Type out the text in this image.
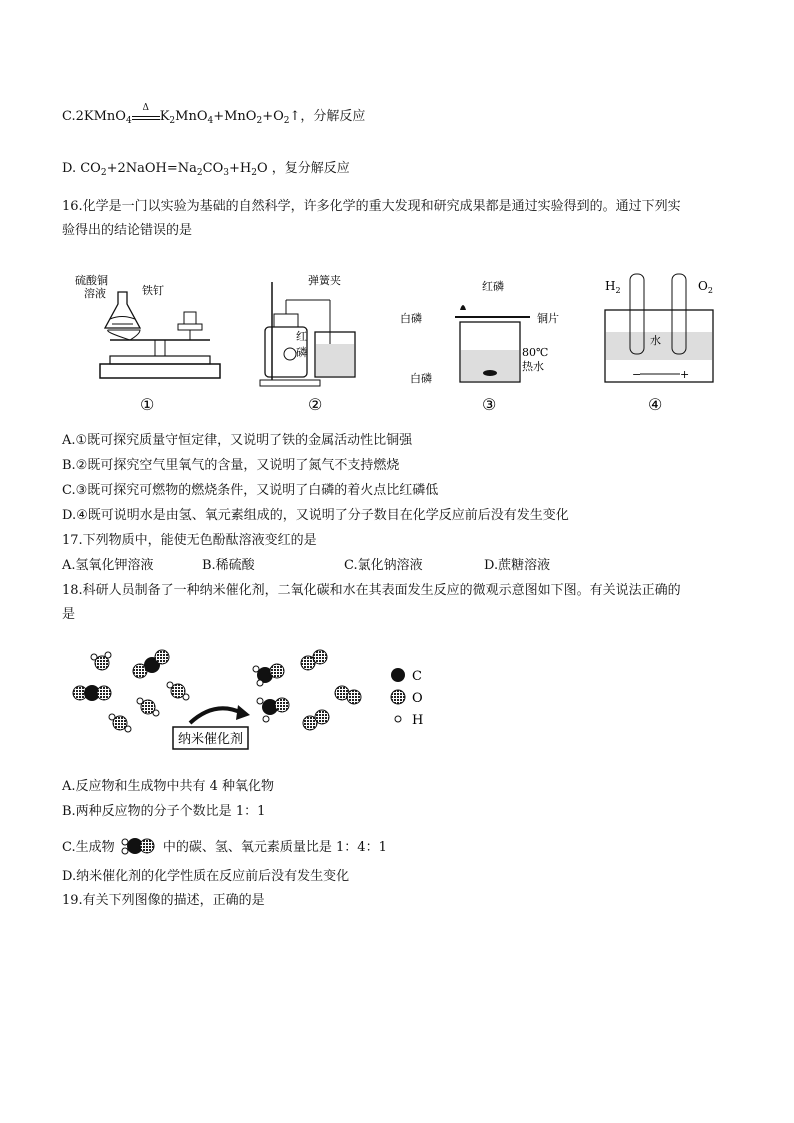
C.2KMnO$_4$
Δ
$K_2MnO_4+MnO_2+O_2↑$，分解反应
D. $CO_2+2NaOH=Na_2CO_3+H_2O$ ，复分解反应
16.化学是一门以实验为基础的自然科学，许多化学的重大发现和研究成果都是通过实验得到的。通过下列实
验得出的结论错误的是
硫酸铜
溶液	铁钉
①
弹簧夹
红
磷
②
红磷
白磷	铜片
80℃
热水
白磷
③
$H_2$	$O_2$
水
−	+
④
A.①既可探究质量守恒定律，又说明了铁的金属活动性比铜强
B.②既可探究空气里氧气的含量，又说明了氮气不支持燃烧
C.③既可探究可燃物的燃烧条件，又说明了白磷的着火点比红磷低
D.④既可说明水是由氢、氧元素组成的，又说明了分子数目在化学反应前后没有发生变化
17.下列物质中，能使无色酚酞溶液变红的是
A.氢氧化钾溶液	B.稀硫酸	C.氯化钠溶液	D.蔗糖溶液
18.科研人员制备了一种纳米催化剂，二氧化碳和水在其表面发生反应的微观示意图如下图。有关说法正确的
是
纳米催化剂
C
O
H
A.反应物和生成物中共有 4 种氧化物
B.两种反应物的分子个数比是 1：1
C.生成物	中的碳、氢、氧元素质量比是 1：4：1
D.纳米催化剂的化学性质在反应前后没有发生变化
19.有关下列图像的描述，正确的是
